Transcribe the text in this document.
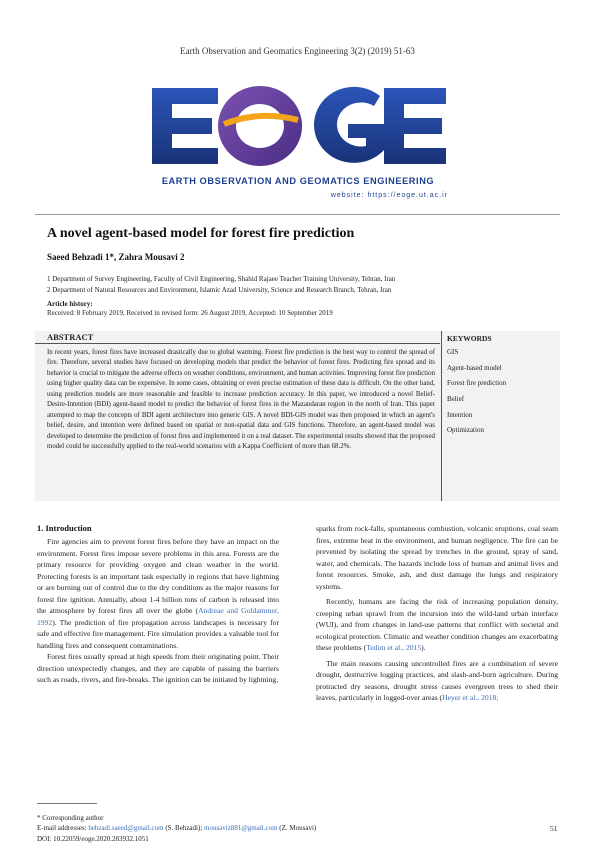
Earth Observation and Geomatics Engineering 3(2) (2019) 51-63
EARTH OBSERVATION AND GEOMATICS ENGINEERING
website: https://eoge.ut.ac.ir
A novel agent-based model for forest fire prediction
Saeed Behzadi 1*, Zahra Mousavi 2
1 Department of Survey Engineering, Faculty of Civil Engineering, Shahid Rajaee Teacher Training University, Tehran, Iran
2 Department of Natural Resources and Environment, Islamic Azad University, Science and Research Branch, Tehran, Iran
Article history:
Received: 8 February 2019, Received in revised form: 26 August 2019, Accepted: 10 September 2019
ABSTRACT
In recent years, forest fires have increased drastically due to global warming. Forest fire prediction is the best way to control the spread of fire. Therefore, several studies have focused on developing models that predict the behavior of forest fires. Predicting fire spread and its behavior is crucial to mitigate the adverse effects on weather conditions, environment, and human activities. Improving forest fire prediction using higher quality data can be expensive. In some cases, obtaining or even precise estimation of these data is difficult. On the other hand, using prediction models are more reasonable and feasible to increase prediction accuracy. In this paper, we introduced a novel Belief-Desire-Intention (BDI) agent-based model to predict the behavior of forest fires in the Mazandaran region in the north of Iran. This paper attempted to map the concepts of BDI agent architecture into generic GIS. A novel BDI-GIS model was then proposed in which an agent's belief, desire, and intention were defined based on spatial or non-spatial data and GIS functions. Therefore, an agent-based model was developed to determine the prediction of forest fires and implemented it on a real dataset. The experimental results showed that the proposed model could be successfully applied to the real-world scenarios with a Kappa Coefficient of more than 68.2%.
KEYWORDS
GIS
Agent-based model
Forest fire prediction
Belief
Intention
Optimization
1. Introduction

Fire agencies aim to prevent forest fires before they have an impact on the environment. Forest fires impose severe problems in this area. Forests are the primary resource for providing oxygen and clean weather in the world. Protecting forests is an important task especially in regions that have lightning or are burning out of control due to the dry conditions as the major reasons for forest fire ignition. Annually, about 1-4 billion tons of carbon is released into the atmosphere by forest fires all over the globe (Andreae and Goldammer, 1992). The prediction of fire propagation across landscapes is necessary for safe and effective fire management. Fire simulation provides a valuable tool for handling fires and consequent contaminations.

Forest fires usually spread at high speeds from their originating point. Their direction unexpectedly changes, and they are capable of passing the barriers such as roads, rivers, and fire-breaks. The ignition can be initiated by lightning,

sparks from rock-falls, spontaneous combustion, volcanic eruptions, coal seam fires, extreme heat in the environment, and human negligence. The fire can be prevented by isolating the spread by trenches in the ground, spray of sand, water, and chemicals. The hazards include loss of human and animal lives and forest resources. Smoke, ash, and dust damage the lungs and respiratory systems.

Recently, humans are facing the risk of increasing population density, creeping urban sprawl from the incursion into the wild-land urban interface (WUI), and from changes in land-use patterns that conflict with societal and ecological protection. Climatic and weather condition changes are exacerbating these problems (Tedim et al., 2015).

The main reasons causing uncontrolled fires are a combination of severe drought, destructive logging practices, and slash-and-burn agriculture. During protracted dry seasons, drought stress causes evergreen trees to shed their leaves, particularly in logged-over areas (Heyer et al., 2018;

* Corresponding author
E-mail addresses: behzadi.saeed@gmail.com (S. Behzadi); mousaviz881@gmail.com (Z. Mousavi)
DOI: 10.22059/eoge.2020.283932.1051
51
